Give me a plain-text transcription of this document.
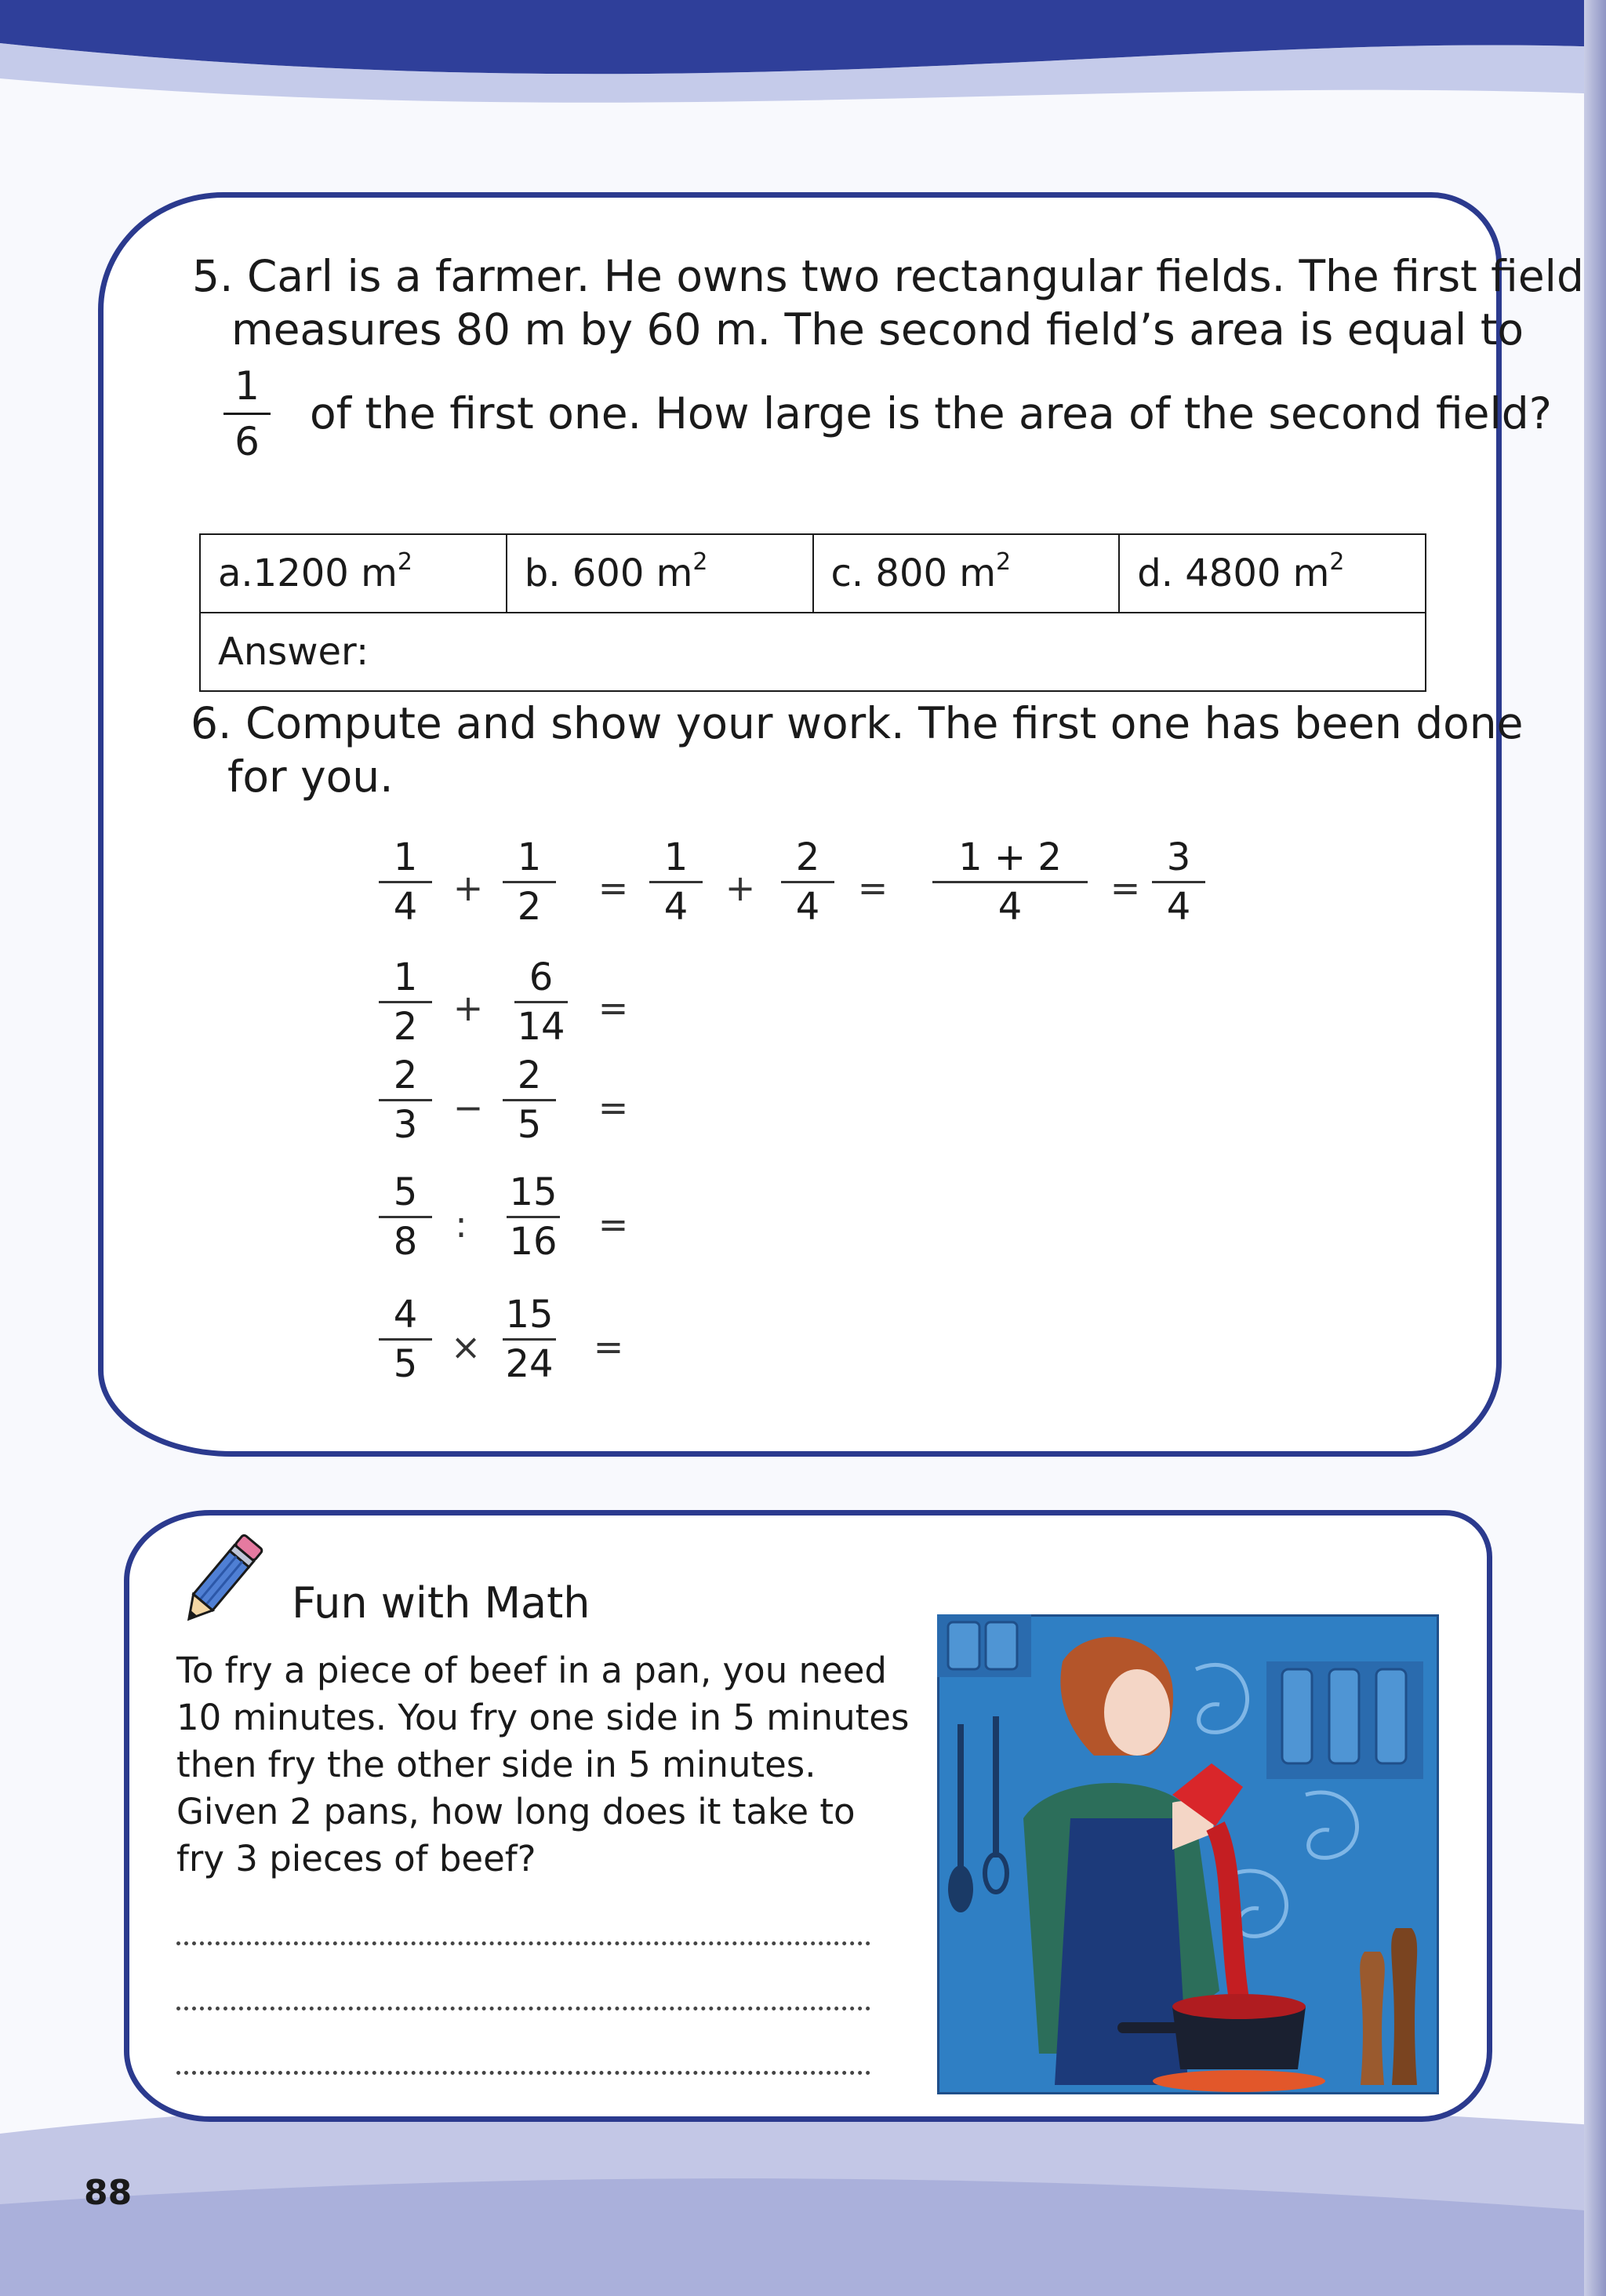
5. Carl is a farmer. He owns two rectangular fields. The first field
measures 80 m by 60 m. The second field’s area is equal to
1
6
of the first one. How large is the area of the second field?
a.1200 $m^2$	b. 600 $m^2$	c. 800 $m^2$	d. 4800 $m^2$
Answer:
6. Compute and show your work. The first one has been done
for you.
1
4 +
1
2	=
1
4	+
2
4	=
1 + 2
4	=
3
4
1
2 +
6
14 =
2
3 −
2
5	=
5
8	:
15
16 =
4
5 ×
15
24 =
Fun with Math
To fry a piece of beef in a pan, you need
10 minutes. You fry one side in 5 minutes
then fry the other side in 5 minutes.
Given 2 pans, how long does it take to
fry 3 pieces of beef?
88
